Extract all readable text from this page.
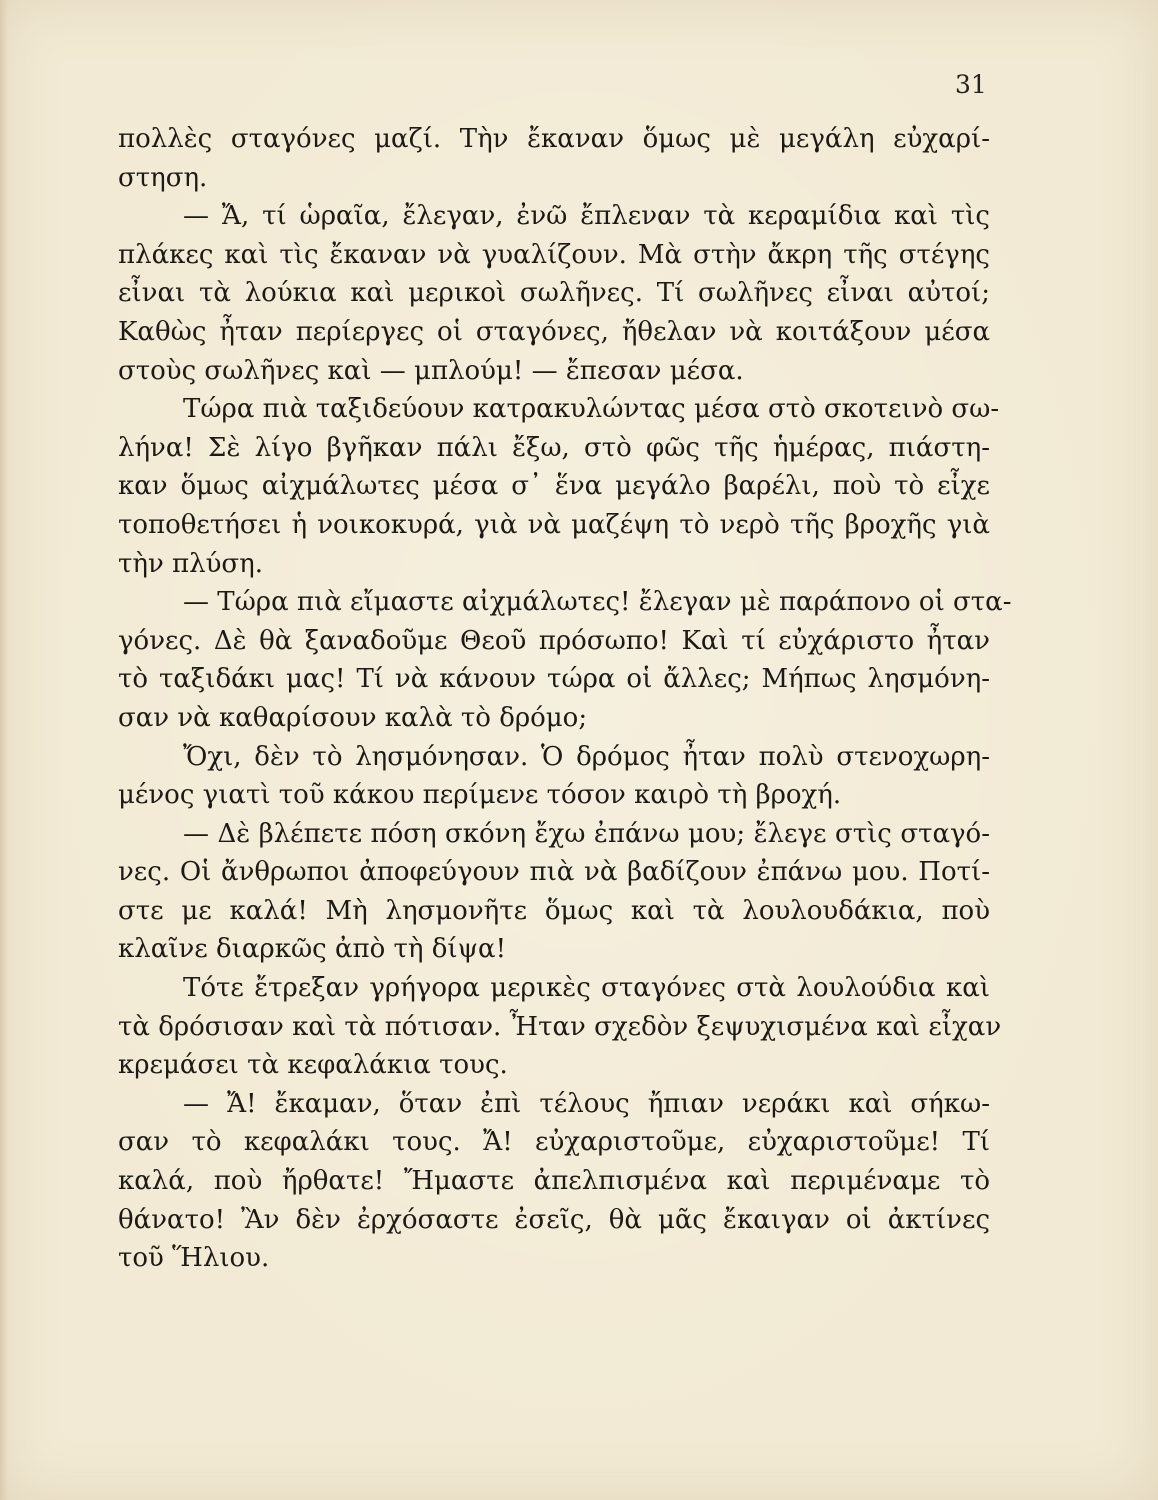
31
πολλὲς σταγόνες μαζί. Τὴν ἔκαναν ὅμως μὲ μεγάλη εὐχαρί-
στηση.
— Ἄ, τί ὡραῖα, ἔλεγαν, ἐνῶ ἔπλεναν τὰ κεραμίδια καὶ τὶς
πλάκες καὶ τὶς ἔκαναν νὰ γυαλίζουν. Μὰ στὴν ἄκρη τῆς στέγης
εἶναι τὰ λούκια καὶ μερικοὶ σωλῆνες. Τί σωλῆνες εἶναι αὐτοί;
Καθὼς ἦταν περίεργες οἱ σταγόνες, ἤθελαν νὰ κοιτάξουν μέσα
στοὺς σωλῆνες καὶ — μπλούμ! — ἔπεσαν μέσα.
Τώρα πιὰ ταξιδεύουν κατρακυλώντας μέσα στὸ σκοτεινὸ σω-
λήνα! Σὲ λίγο βγῆκαν πάλι ἔξω, στὸ φῶς τῆς ἡμέρας, πιάστη-
καν ὅμως αἰχμάλωτες μέσα σ᾽ ἕνα μεγάλο βαρέλι, ποὺ τὸ εἶχε
τοποθετήσει ἡ νοικοκυρά, γιὰ νὰ μαζέψη τὸ νερὸ τῆς βροχῆς γιὰ
τὴν πλύση.
— Τώρα πιὰ εἴμαστε αἰχμάλωτες! ἔλεγαν μὲ παράπονο οἱ στα-
γόνες. Δὲ θὰ ξαναδοῦμε Θεοῦ πρόσωπο! Καὶ τί εὐχάριστο ἦταν
τὸ ταξιδάκι μας! Τί νὰ κάνουν τώρα οἱ ἄλλες; Μήπως λησμόνη-
σαν νὰ καθαρίσουν καλὰ τὸ δρόμο;
Ὄχι, δὲν τὸ λησμόνησαν. Ὁ δρόμος ἦταν πολὺ στενοχωρη-
μένος γιατὶ τοῦ κάκου περίμενε τόσον καιρὸ τὴ βροχή.
— Δὲ βλέπετε πόση σκόνη ἔχω ἐπάνω μου; ἔλεγε στὶς σταγό-
νες. Οἱ ἄνθρωποι ἀποφεύγουν πιὰ νὰ βαδίζουν ἐπάνω μου. Ποτί-
στε με καλά! Μὴ λησμονῆτε ὅμως καὶ τὰ λουλουδάκια, ποὺ
κλαῖνε διαρκῶς ἀπὸ τὴ δίψα!
Τότε ἔτρεξαν γρήγορα μερικὲς σταγόνες στὰ λουλούδια καὶ
τὰ δρόσισαν καὶ τὰ πότισαν. Ἦταν σχεδὸν ξεψυχισμένα καὶ εἶχαν
κρεμάσει τὰ κεφαλάκια τους.
— Ἄ! ἔκαμαν, ὅταν ἐπὶ τέλους ἤπιαν νεράκι καὶ σήκω-
σαν τὸ κεφαλάκι τους. Ἄ! εὐχαριστοῦμε, εὐχαριστοῦμε! Τί
καλά, ποὺ ἤρθατε! Ἤμαστε ἀπελπισμένα καὶ περιμέναμε τὸ
θάνατο! Ἂν δὲν ἐρχόσαστε ἐσεῖς, θὰ μᾶς ἔκαιγαν οἱ ἀκτίνες
τοῦ Ἥλιου.
